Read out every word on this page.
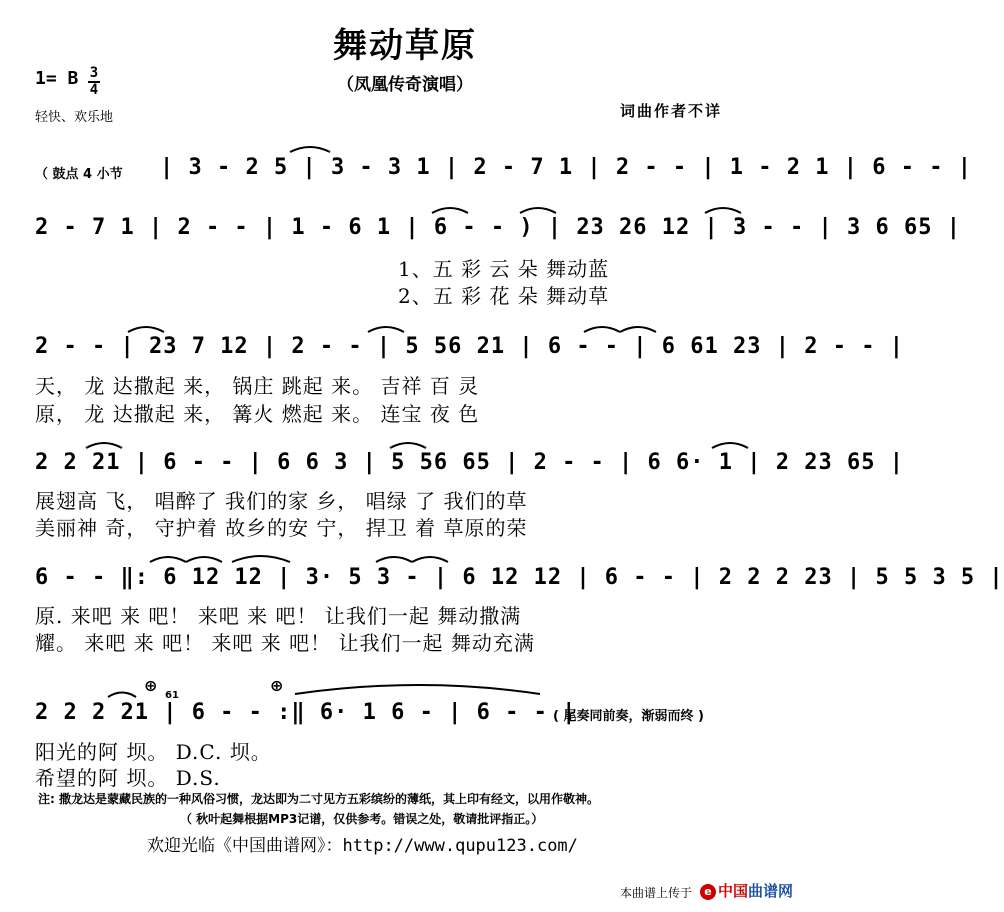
舞动草原
（凤凰传奇演唱）
1= B 3
4
轻快、欢乐地	词曲作者不详
（ 鼓点 4 小节 | 3 - 2 5 | 3 - 3 1 | 2 - 7 1 | 2 - - | 1 - 2 1 | 6 - - |
2 - 7 1 | 2 - - | 1 - 6 1 | 6 - - ) | 23 26 12 | 3 - - | 3 6 65 |
1、五 彩 云 朵 舞动蓝
2、五 彩 花 朵 舞动草
2 - - | 23 7 12 | 2 - - | 5 56 21 | 6 - - | 6 61 23 | 2 - - |
天， 龙 达撒起 来， 锅庄 跳起 来。 吉祥 百 灵
原， 龙 达撒起 来， 篝火 燃起 来。 连宝 夜 色
2 2 21 | 6 - - | 6 6 3 | 5 56 65 | 2 - - | 6 6· 1 | 2 23 65 |
展翅高 飞， 唱醉了 我们的家 乡， 唱绿 了 我们的草
美丽神 奇， 守护着 故乡的安 宁， 捍卫 着 草原的荣
6 - - ‖: 6 12 12 | 3· 5 3 - | 6 12 12 | 6 - - | 2 2 2 23 | 5 5 3 5 |
原. 来吧 来 吧！ 来吧 来 吧！ 让我们一起 舞动撒满
耀。 来吧 来 吧！ 来吧 来 吧！ 让我们一起 舞动充满
⊕	⊕
61
2 2 2 21 | 6 - - :‖ 6· 1 6 - | 6 - - |
( 尾奏同前奏，渐弱而终 )
阳光的阿 坝。 D.C. 坝。
希望的阿 坝。 D.S.
注: 撒龙达是蒙藏民族的一种风俗习惯，龙达即为二寸见方五彩缤纷的薄纸，其上印有经文，以用作敬神。
（ 秋叶起舞根据MP3记谱，仅供参考。错误之处，敬请批评指正。）
欢迎光临《中国曲谱网》：http://www.qupu123.com/
本曲谱上传于	e 中国曲谱网
